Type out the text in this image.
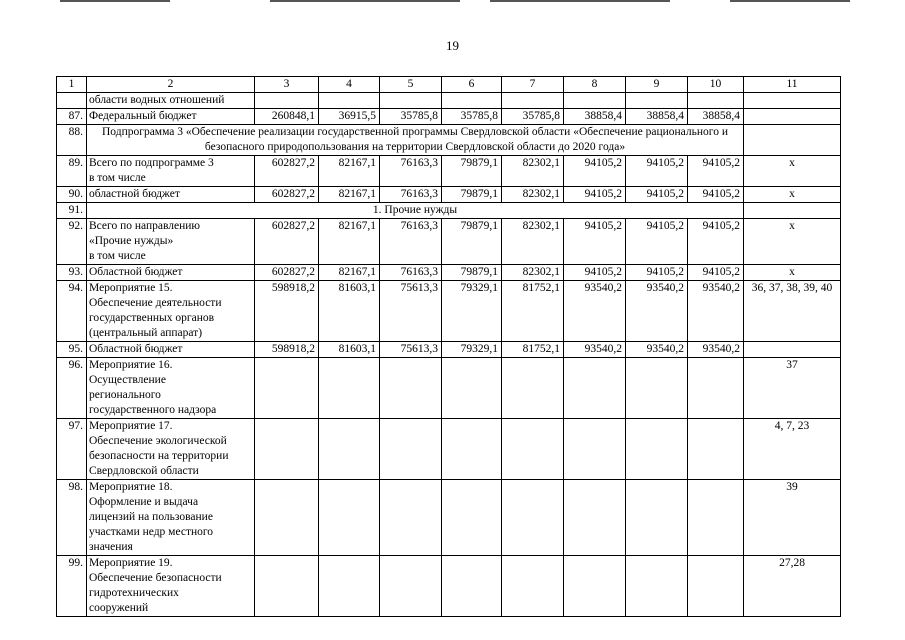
19
1	2	3	4	5	6	7	8	9	10	11
	области водных отношений									
87.	Федеральный бюджет	260848,1	36915,5	35785,8	35785,8	35785,8	38858,4	38858,4	38858,4	
88.	Подпрограмма 3 «Обеспечение реализации государственной программы Свердловской области «Обеспечение рационального и безопасного природопользования на территории Свердловской области до 2020 года»									
89.	Всего по подпрограмме 3
в том числе	602827,2	82167,1	76163,3	79879,1	82302,1	94105,2	94105,2	94105,2	x
90.	областной бюджет	602827,2	82167,1	76163,3	79879,1	82302,1	94105,2	94105,2	94105,2	x
91.	1. Прочие нужды									
92.	Всего по направлению
«Прочие нужды»
в том числе	602827,2	82167,1	76163,3	79879,1	82302,1	94105,2	94105,2	94105,2	x
93.	Областной бюджет	602827,2	82167,1	76163,3	79879,1	82302,1	94105,2	94105,2	94105,2	x
94.	Мероприятие 15.
Обеспечение деятельности
государственных органов
(центральный аппарат)	598918,2	81603,1	75613,3	79329,1	81752,1	93540,2	93540,2	93540,2	36, 37, 38, 39, 40
95.	Областной бюджет	598918,2	81603,1	75613,3	79329,1	81752,1	93540,2	93540,2	93540,2	
96.	Мероприятие 16.
Осуществление
регионального
государственного надзора									37
97.	Мероприятие 17.
Обеспечение экологической
безопасности на территории
Свердловской области									4, 7, 23
98.	Мероприятие 18.
Оформление и выдача
лицензий на пользование
участками недр местного
значения									39
99.	Мероприятие 19.
Обеспечение безопасности
гидротехнических
сооружений									27,28
